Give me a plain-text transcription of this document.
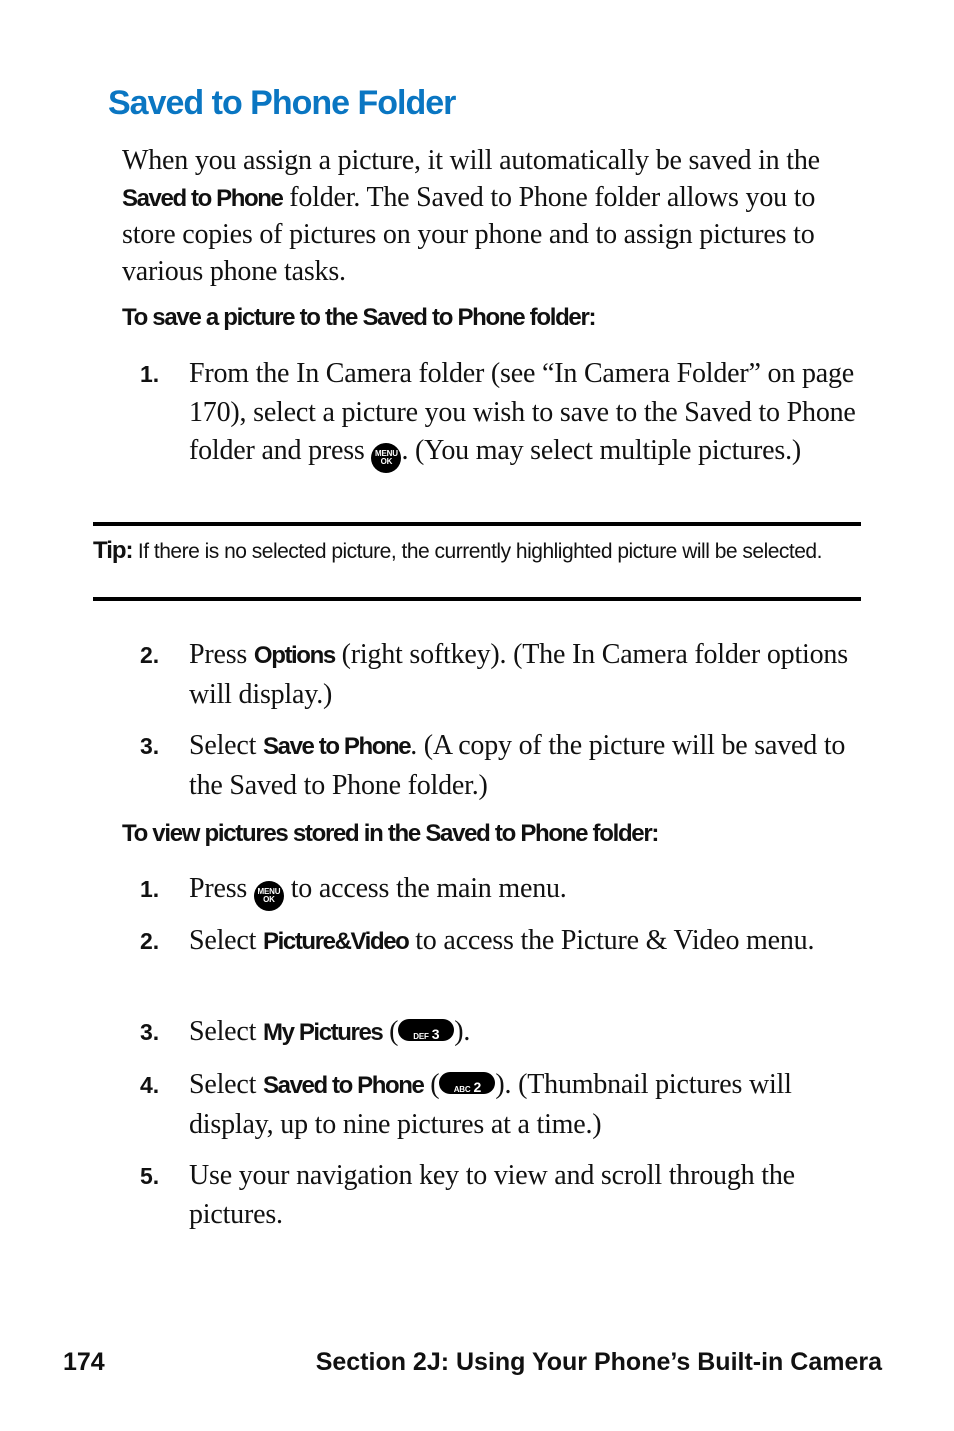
Saved to Phone Folder
When you assign a picture, it will automatically be saved in the Saved to Phone folder. The Saved to Phone folder allows you to store copies of pictures on your phone and to assign pictures to various phone tasks.
To save a picture to the Saved to Phone folder:
1. From the In Camera folder (see “In Camera Folder” on page 170), select a picture you wish to save to the Saved to Phone folder and press MENU
OK . (You may select multiple pictures.)
Tip: If there is no selected picture, the currently highlighted picture will be selected.
2. Press Options (right softkey). (The In Camera folder options will display.)
3. Select Save to Phone. (A copy of the picture will be saved to the Saved to Phone folder.)
To view pictures stored in the Saved to Phone folder:
1. Press MENU
OK to access the main menu.
2. Select Picture&Video to access the Picture & Video menu.
3. Select My Pictures ( DEF 3 ).
4. Select Saved to Phone ( ABC 2 ). (Thumbnail pictures will display, up to nine pictures at a time.)
5. Use your navigation key to view and scroll through the pictures.
174	Section 2J: Using Your Phone’s Built-in Camera
